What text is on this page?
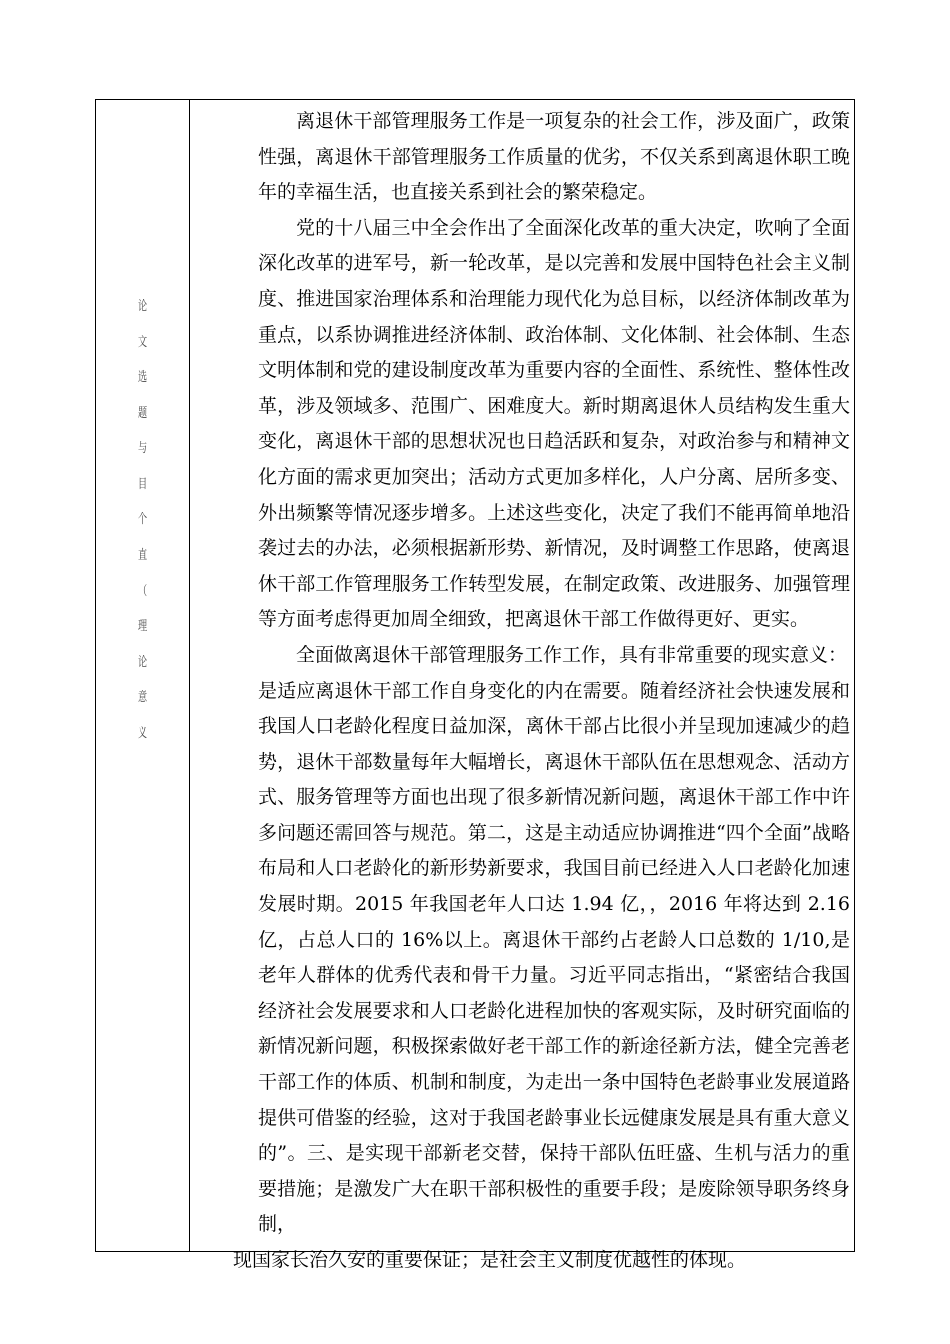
论
文
选
题
与
目
个
直
（
理
论
意
义

离退休干部管理服务工作是一项复杂的社会工作，涉及面广，政策性强，离退休干部管理服务工作质量的优劣，不仅关系到离退休职工晚年的幸福生活，也直接关系到社会的繁荣稳定。

党的十八届三中全会作出了全面深化改革的重大决定，吹响了全面深化改革的进军号，新一轮改革，是以完善和发展中国特色社会主义制度、推进国家治理体系和治理能力现代化为总目标，以经济体制改革为重点，以系协调推进经济体制、政治体制、文化体制、社会体制、生态文明体制和党的建设制度改革为重要内容的全面性、系统性、整体性改革，涉及领域多、范围广、困难度大。新时期离退休人员结构发生重大变化，离退休干部的思想状况也日趋活跃和复杂，对政治参与和精神文化方面的需求更加突出；活动方式更加多样化，人户分离、居所多变、外出频繁等情况逐步增多。上述这些变化，决定了我们不能再简单地沿袭过去的办法，必须根据新形势、新情况，及时调整工作思路，使离退休干部工作管理服务工作转型发展，在制定政策、改进服务、加强管理等方面考虑得更加周全细致，把离退休干部工作做得更好、更实。

全面做离退休干部管理服务工作工作，具有非常重要的现实意义：

是适应离退休干部工作自身变化的内在需要。随着经济社会快速发展和我国人口老龄化程度日益加深，离休干部占比很小并呈现加速减少的趋势，退休干部数量每年大幅增长，离退休干部队伍在思想观念、活动方式、服务管理等方面也出现了很多新情况新问题，离退休干部工作中许多问题还需回答与规范。第二，这是主动适应协调推进“四个全面”战略布局和人口老龄化的新形势新要求，我国目前已经进入人口老龄化加速发展时期。2015 年我国老年人口达 1.94 亿，，2016 年将达到 2.16 亿，占总人口的 16%以上。离退休干部约占老龄人口总数的 1/10,是老年人群体的优秀代表和骨干力量。习近平同志指出，“紧密结合我国经济社会发展要求和人口老龄化进程加快的客观实际，及时研究面临的新情况新问题，积极探索做好老干部工作的新途径新方法，健全完善老干部工作的体质、机制和制度，为走出一条中国特色老龄事业发展道路提供可借鉴的经验，这对于我国老龄事业长远健康发展是具有重大意义的”。三、是实现干部新老交替，保持干部队伍旺盛、生机与活力的重要措施；是激发广大在职干部积极性的重要手段；是废除领导职务终身制，

现国家长治久安的重要保证；是社会主义制度优越性的体现。
